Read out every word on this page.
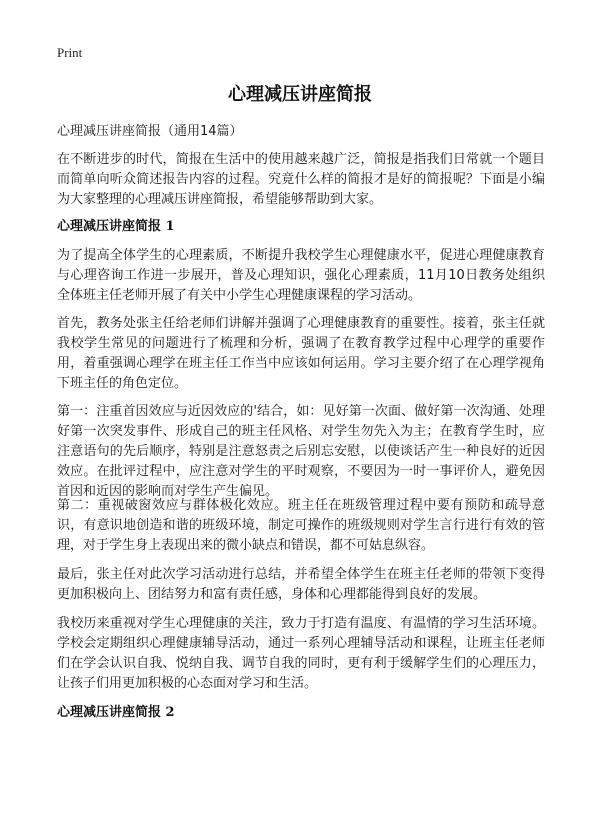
Print
心理减压讲座简报
心理减压讲座简报（通用14篇）

在不断进步的时代，简报在生活中的使用越来越广泛，简报是指我们日常就一个题目而简单向听众简述报告内容的过程。究竟什么样的简报才是好的简报呢？下面是小编为大家整理的心理减压讲座简报，希望能够帮助到大家。

心理减压讲座简报 1

为了提高全体学生的心理素质，不断提升我校学生心理健康水平，促进心理健康教育与心理咨询工作进一步展开，普及心理知识，强化心理素质，11月10日教务处组织全体班主任老师开展了有关中小学生心理健康课程的学习活动。

首先，教务处张主任给老师们讲解并强调了心理健康教育的重要性。接着，张主任就我校学生常见的问题进行了梳理和分析，强调了在教育教学过程中心理学的重要作用，着重强调心理学在班主任工作当中应该如何运用。学习主要介绍了在心理学视角下班主任的角色定位。

第一：注重首因效应与近因效应的'结合，如：见好第一次面、做好第一次沟通、处理好第一次突发事件、形成自己的班主任风格、对学生勿先入为主；在教育学生时，应注意语句的先后顺序，特别是注意怒责之后别忘安慰，以使谈话产生一种良好的近因效应。在批评过程中，应注意对学生的平时观察，不要因为一时一事评价人，避免因首因和近因的影响而对学生产生偏见。

第二：重视破窗效应与群体极化效应。班主任在班级管理过程中要有预防和疏导意识，有意识地创造和谐的班级环境，制定可操作的班级规则对学生言行进行有效的管理，对于学生身上表现出来的微小缺点和错误，都不可姑息纵容。

最后，张主任对此次学习活动进行总结，并希望全体学生在班主任老师的带领下变得更加积极向上、团结努力和富有责任感，身体和心理都能得到良好的发展。

我校历来重视对学生心理健康的关注，致力于打造有温度、有温情的学习生活环境。学校会定期组织心理健康辅导活动，通过一系列心理辅导活动和课程，让班主任老师们在学会认识自我、悦纳自我、调节自我的同时，更有利于缓解学生们的心理压力，让孩子们用更加积极的心态面对学习和生活。

心理减压讲座简报 2
